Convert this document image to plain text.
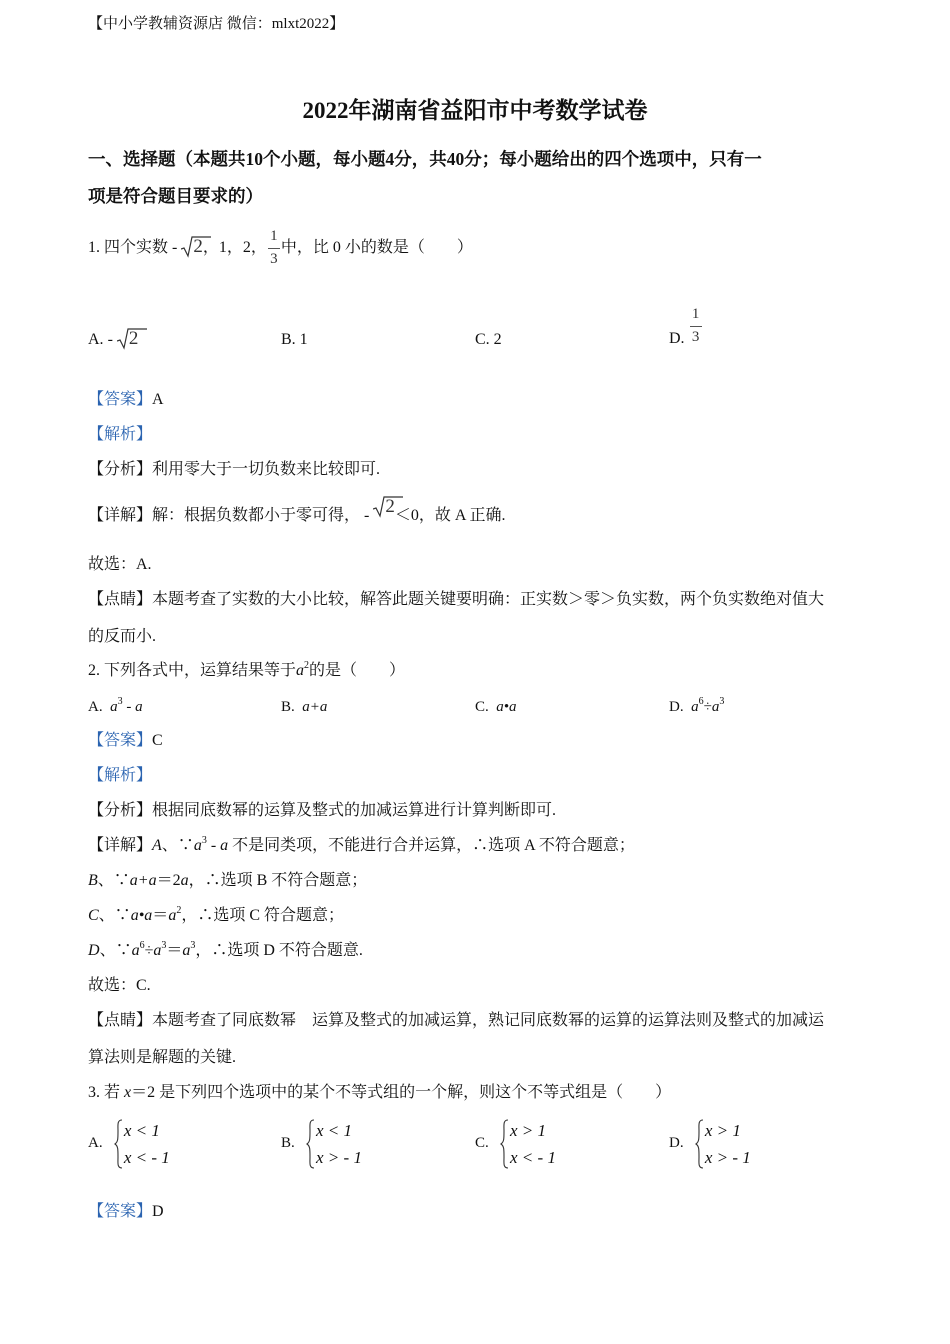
【中小学教辅资源店 微信：mlxt2022】
2022年湖南省益阳市中考数学试卷
一、选择题（本题共10个小题，每小题4分，共40分；每小题给出的四个选项中，只有一
项是符合题目要求的）
1. 四个实数 -
2，1，2， $\frac{1}{3}$ 中，比 0 小的数是（　　）
A. - 2	B. 1	C. 2	D. $\frac{1}{3}$
【答案】A
【解析】
【分析】利用零大于一切负数来比较即可.
【详解】解：根据负数都小于零可得， - 2＜0，故 A 正确.
故选：A.
【点睛】本题考查了实数的大小比较，解答此题关键要明确：正实数＞零＞负实数，两个负实数绝对值大
的反而小.
2. 下列各式中，运算结果等于$a^2$的是（　　）
A. $a^3$ - a	B. a+a	C. a•a	D. $a^6\div a^3$
【答案】C
【解析】
【分析】根据同底数幂的运算及整式的加减运算进行计算判断即可.
【详解】A、$\because a^3$ - a 不是同类项，不能进行合并运算，∴选项 A 不符合题意；
B、∵a+a＝2a，∴选项 B 不符合题意；
C、$\because a•a=a^2$，∴选项 C 符合题意；
D、$\because a^6\div a^3=a^3$，∴选项 D 不符合题意.
故选：C.
【点睛】本题考查了同底数幂　运算及整式的加减运算，熟记同底数幂的运算的运算法则及整式的加减运
算法则是解题的关键.
3. 若 x＝2 是下列四个选项中的某个不等式组的一个解，则这个不等式组是（　　）
A.
x < 1
x < - 1
B.
x < 1
x > - 1
C.
x > 1
x < - 1
D.
x > 1
x > - 1
【答案】D
